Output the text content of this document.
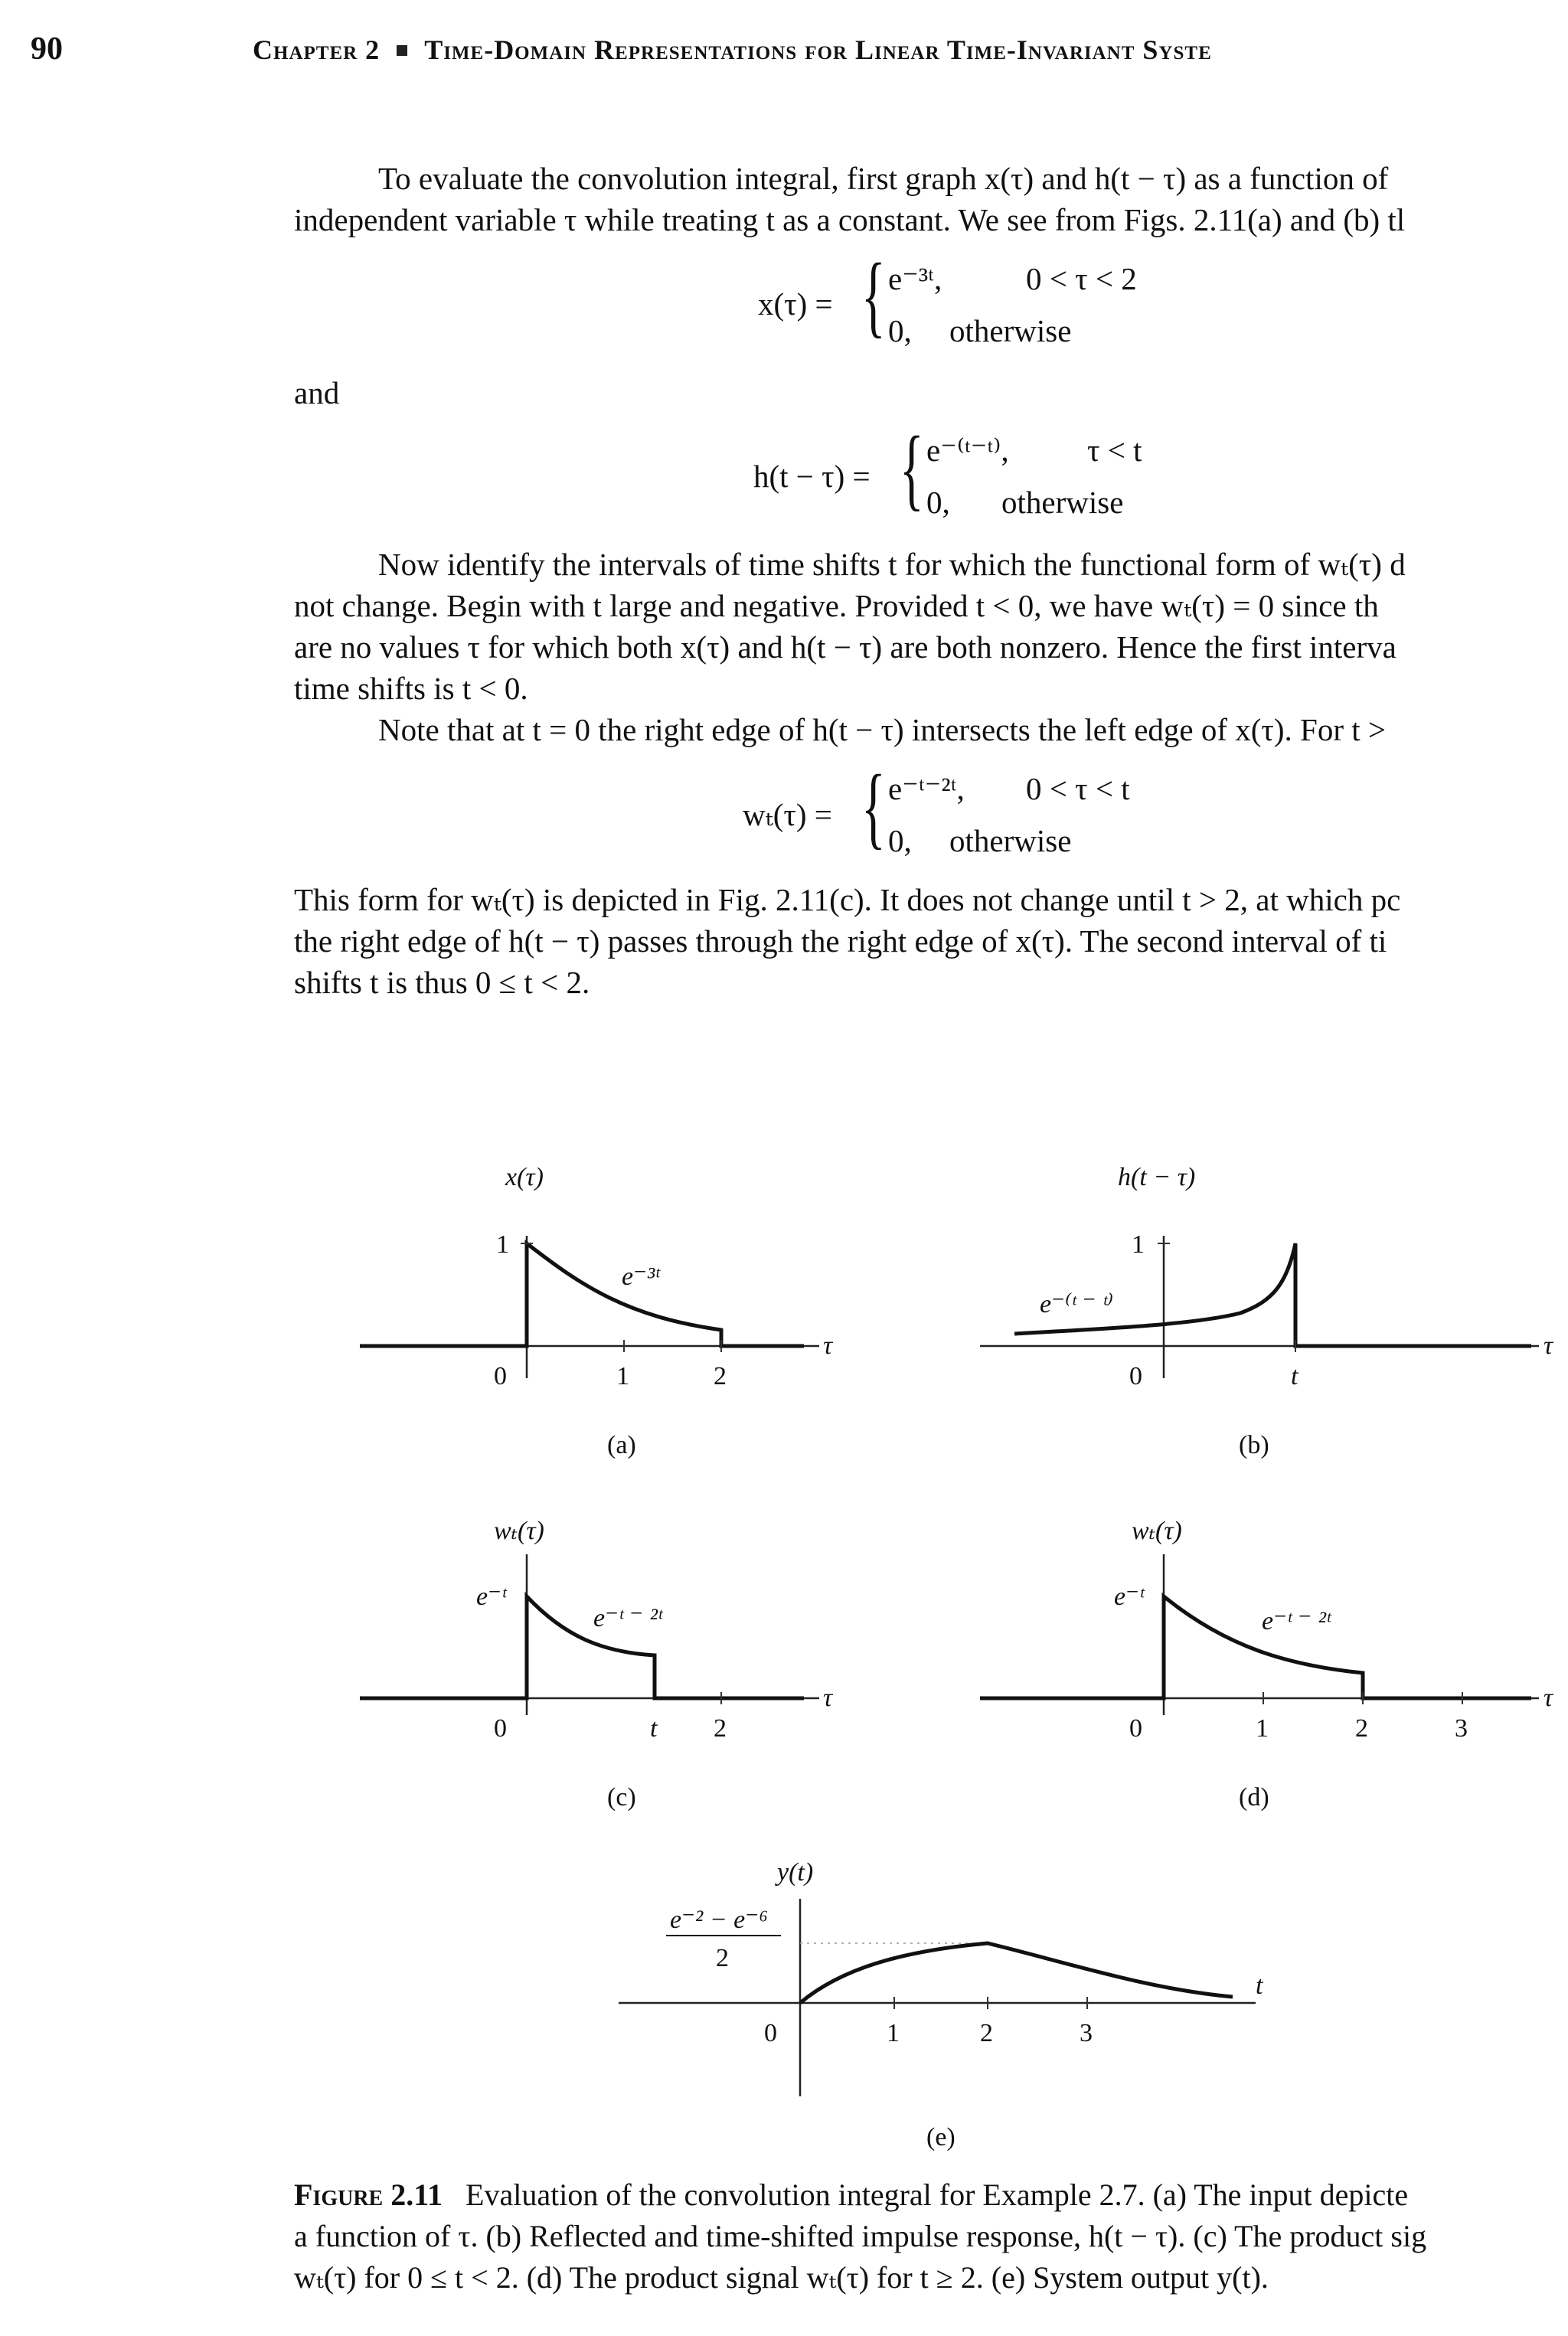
90	Chapter 2 Time-Domain Representations for Linear Time-Invariant Syste
To evaluate the convolution integral, first graph x(τ) and h(t − τ) as a function of
independent variable τ while treating t as a constant. We see from Figs. 2.11(a) and (b) tl
x(τ) = { e⁻³ᵗ,	0 < τ < 2
0, otherwise
and
h(t − τ) = { e⁻⁽ᵗ⁻ᵗ⁾, τ < t
0, otherwise
Now identify the intervals of time shifts t for which the functional form of wₜ(τ) d
not change. Begin with t large and negative. Provided t < 0, we have wₜ(τ) = 0 since th
are no values τ for which both x(τ) and h(t − τ) are both nonzero. Hence the first interva
time shifts is t < 0.
Note that at t = 0 the right edge of h(t − τ) intersects the left edge of x(τ). For t >
wₜ(τ) = { e⁻ᵗ⁻²ᵗ, 0 < τ < t
0, otherwise
This form for wₜ(τ) is depicted in Fig. 2.11(c). It does not change until t > 2, at which pc
the right edge of h(t − τ) passes through the right edge of x(τ). The second interval of ti
shifts t is thus 0 ≤ t < 2.
x(τ)
1
e⁻³ᵗ
0	1	2
τ
(a)
h(t − τ)
1
e⁻⁽ᵗ ⁻ ᵗ⁾
0	t
τ
(b)
wₜ(τ)
e⁻ᵗ
e⁻ᵗ ⁻ ²ᵗ
0	t 2
τ
(c)
wₜ(τ)
e⁻ᵗ
e⁻ᵗ ⁻ ²ᵗ
0	1	2	3
τ
(d)
y(t)
e⁻² − e⁻⁶
2
0	1	2	3
t
(e)
Figure 2.11 Evaluation of the convolution integral for Example 2.7. (a) The input depicte
a function of τ. (b) Reflected and time-shifted impulse response, h(t − τ). (c) The product sig
wₜ(τ) for 0 ≤ t < 2. (d) The product signal wₜ(τ) for t ≥ 2. (e) System output y(t).
